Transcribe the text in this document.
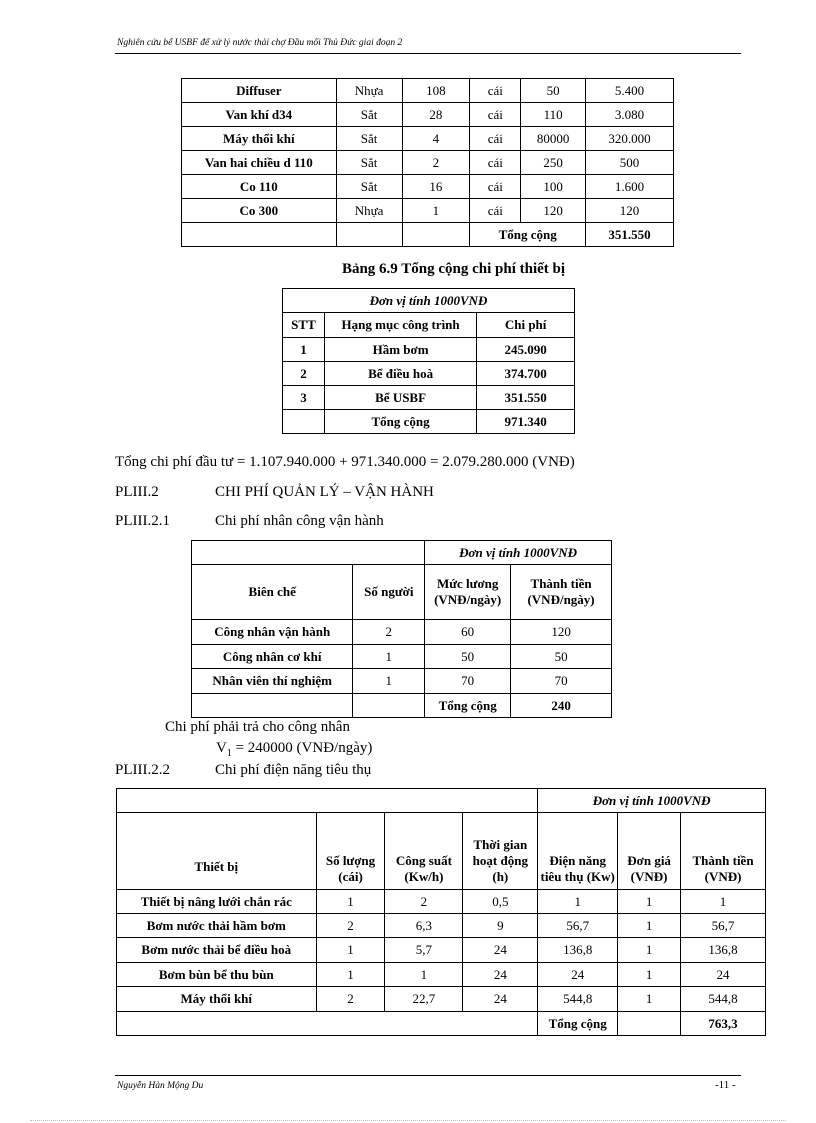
Nghiên cứu bể USBF để xử lý nước thải chợ Đầu mối Thủ Đức giai đoạn 2
Diffuser	Nhựa	108	cái	50	5.400
Van khí d34	Sắt	28	cái	110	3.080
Máy thổi khí	Sắt	4	cái	80000	320.000
Van hai chiều d 110	Sắt	2	cái	250	500
Co 110	Sắt	16	cái	100	1.600
Co 300	Nhựa	1	cái	120	120
			Tổng cộng		351.550
Bảng 6.9 Tổng cộng chi phí thiết bị
Đơn vị tính 1000VNĐ		
STT	Hạng mục công trình	Chi phí
1	Hầm bơm	245.090
2	Bể điều hoà	374.700
3	Bể USBF	351.550
	Tổng cộng	971.340
Tổng chi phí đầu tư = 1.107.940.000 + 971.340.000 = 2.079.280.000 (VNĐ)
PLIII.2	CHI PHÍ QUẢN LÝ – VẬN HÀNH
PLIII.2.1	Chi phí nhân công vận hành
		Đơn vị tính 1000VNĐ	
Biên chế	Số người	Mức lương (VNĐ/ngày)	Thành tiền (VNĐ/ngày)
Công nhân vận hành	2	60	120
Công nhân cơ khí	1	50	50
Nhân viên thí nghiệm	1	70	70
		Tổng cộng	240
Chi phí phải trả cho công nhân
$V_1 = 240000$ (VNĐ/ngày)
PLIII.2.2	Chi phí điện năng tiêu thụ
				Đơn vị tính 1000VNĐ		
Thiết bị	Số lượng (cái)	Công suất (Kw/h)	Thời gian hoạt động (h)	Điện năng tiêu thụ (Kw)	Đơn giá (VNĐ)	Thành tiền (VNĐ)
Thiết bị nâng lưới chắn rác	1	2	0,5	1	1	1
Bơm nước thải hầm bơm	2	6,3	9	56,7	1	56,7
Bơm nước thải bể điều hoà	1	5,7	24	136,8	1	136,8
Bơm bùn bể thu bùn	1	1	24	24	1	24
Máy thổi khí	2	22,7	24	544,8	1	544,8
				Tổng cộng		763,3
Nguyễn Hàn Mộng Du	-11 -
